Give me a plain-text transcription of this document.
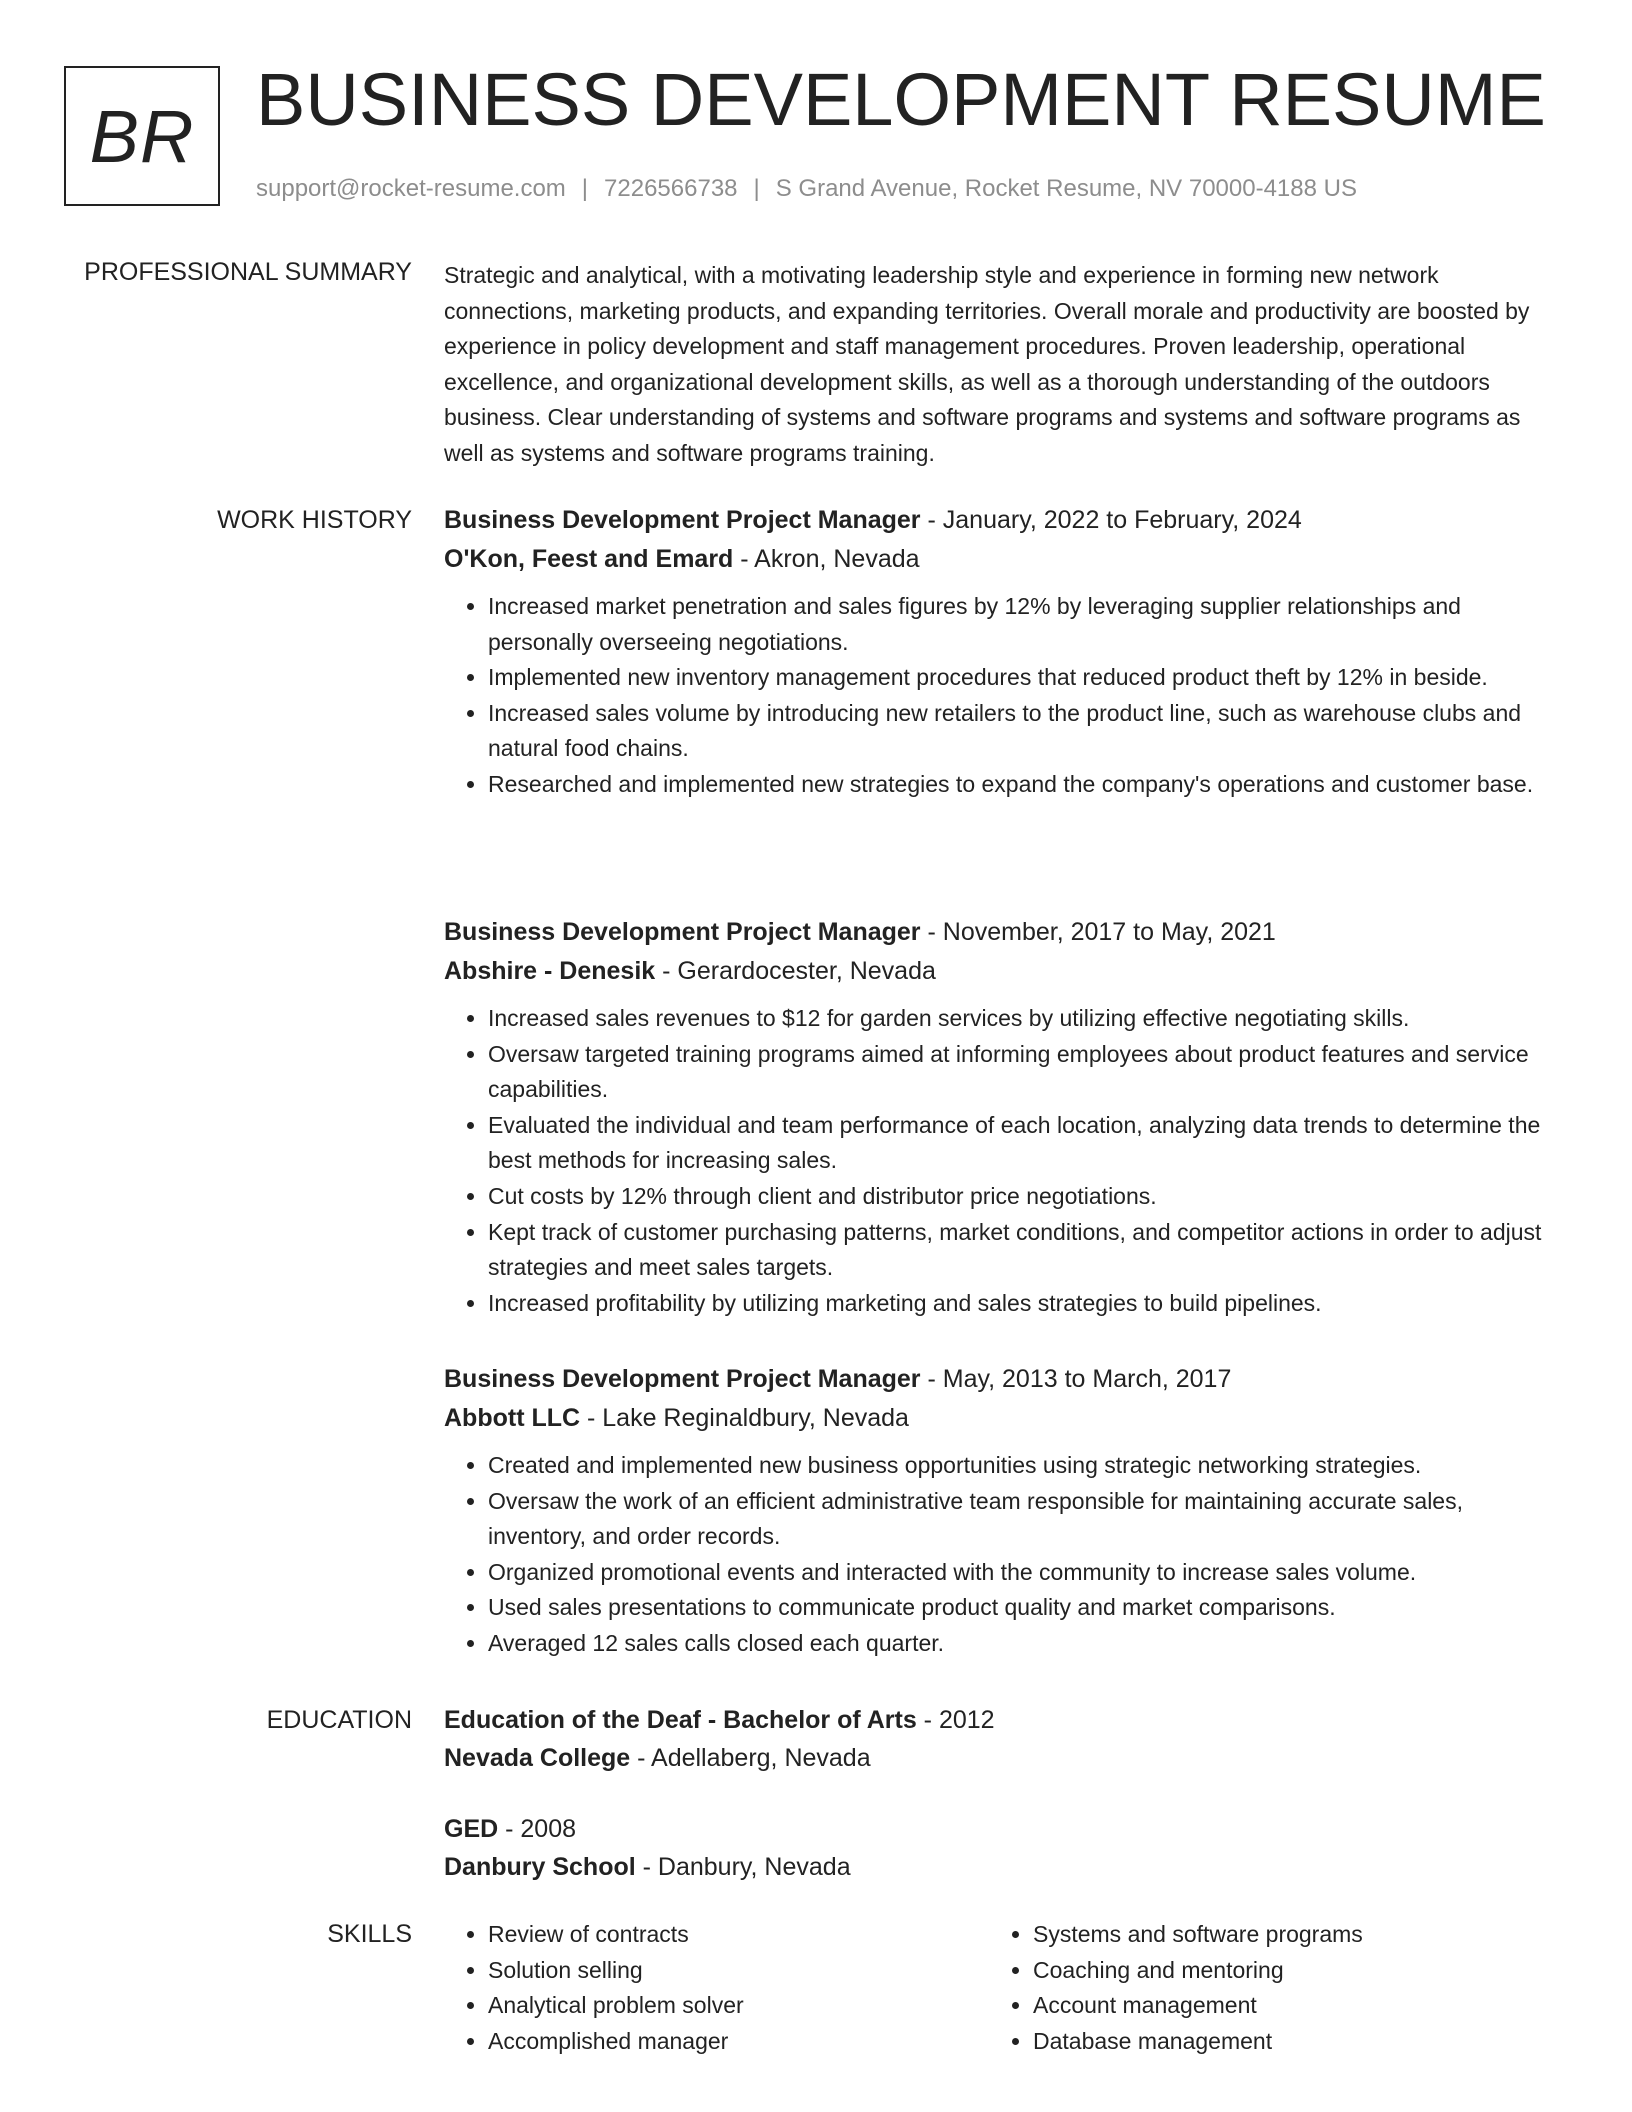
BR BUSINESS DEVELOPMENT RESUME
support@rocket-resume.com | 7226566738 | S Grand Avenue, Rocket Resume, NV 70000-4188 US
PROFESSIONAL SUMMARY Strategic and analytical, with a motivating leadership style and experience in forming new network connections, marketing products, and expanding territories. Overall morale and productivity are boosted by experience in policy development and staff management procedures. Proven leadership, operational excellence, and organizational development skills, as well as a thorough understanding of the outdoors business. Clear understanding of systems and software programs and systems and software programs as well as systems and software programs training.

WORK HISTORY Business Development Project Manager - January, 2022 to February, 2024
O'Kon, Feest and Emard - Akron, Nevada
• Increased market penetration and sales figures by 12% by leveraging supplier relationships and personally overseeing negotiations.
• Implemented new inventory management procedures that reduced product theft by 12% in beside.
• Increased sales volume by introducing new retailers to the product line, such as warehouse clubs and natural food chains.
• Researched and implemented new strategies to expand the company's operations and customer base.
Business Development Project Manager - November, 2017 to May, 2021
Abshire - Denesik - Gerardocester, Nevada
• Increased sales revenues to $12 for garden services by utilizing effective negotiating skills.
• Oversaw targeted training programs aimed at informing employees about product features and service capabilities.
• Evaluated the individual and team performance of each location, analyzing data trends to determine the best methods for increasing sales.
• Cut costs by 12% through client and distributor price negotiations.
• Kept track of customer purchasing patterns, market conditions, and competitor actions in order to adjust strategies and meet sales targets.
• Increased profitability by utilizing marketing and sales strategies to build pipelines.
Business Development Project Manager - May, 2013 to March, 2017
Abbott LLC - Lake Reginaldbury, Nevada
• Created and implemented new business opportunities using strategic networking strategies.
• Oversaw the work of an efficient administrative team responsible for maintaining accurate sales, inventory, and order records.
• Organized promotional events and interacted with the community to increase sales volume.
• Used sales presentations to communicate product quality and market comparisons.
• Averaged 12 sales calls closed each quarter.
EDUCATION Education of the Deaf - Bachelor of Arts - 2012
Nevada College - Adellaberg, Nevada
GED - 2008
Danbury School - Danbury, Nevada
SKILLS
•	Review of contracts
• Solution selling
• Analytical problem solver
• Accomplished manager
• Systems and software programs
• Coaching and mentoring
• Account management
• Database management
